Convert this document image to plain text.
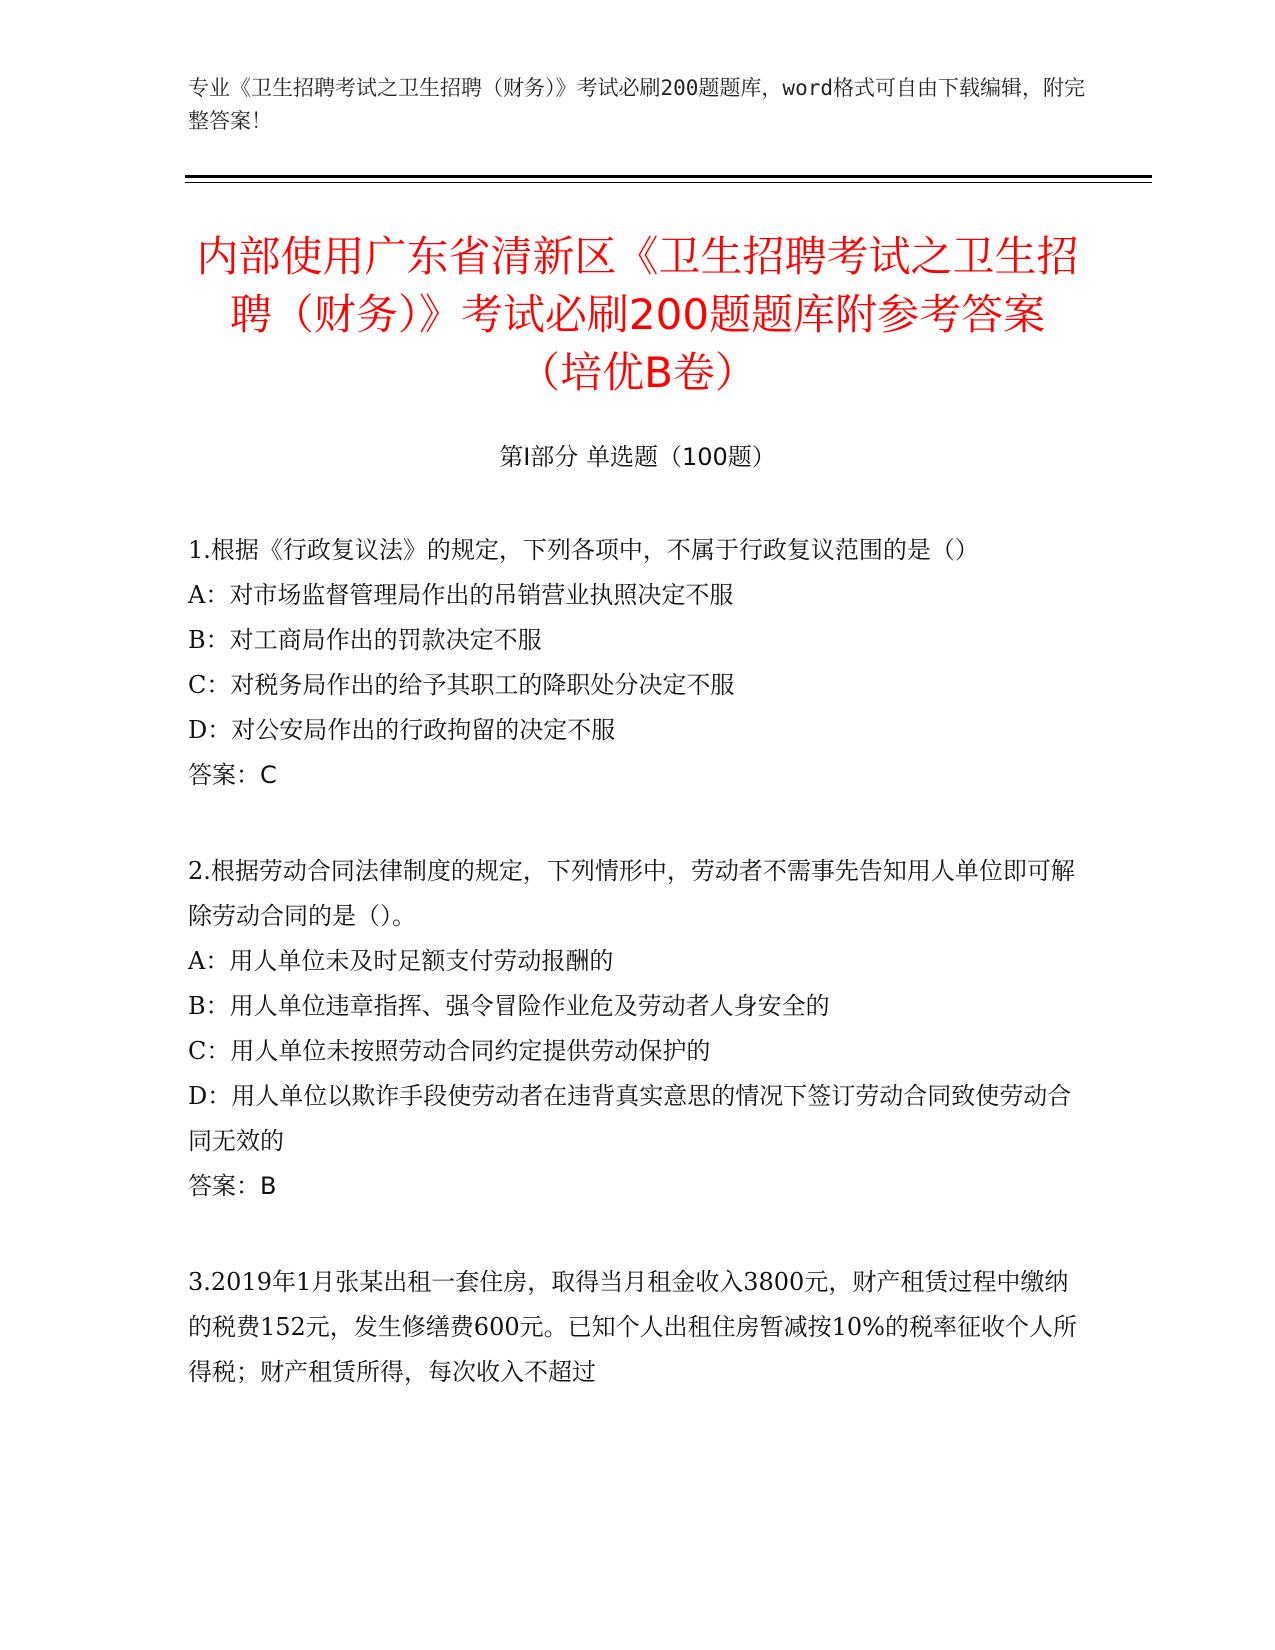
专业《卫生招聘考试之卫生招聘（财务）》考试必刷200题题库，word格式可自由下载编辑，附完整答案！
内部使用广东省清新区《卫生招聘考试之卫生招聘（财务）》考试必刷200题题库附参考答案（培优B卷）
第Ⅰ部分 单选题（100题）

1.根据《行政复议法》的规定，下列各项中，不属于行政复议范围的是（）

A：对市场监督管理局作出的吊销营业执照决定不服

B：对工商局作出的罚款决定不服

C：对税务局作出的给予其职工的降职处分决定不服

D：对公安局作出的行政拘留的决定不服

答案：C

2.根据劳动合同法律制度的规定，下列情形中，劳动者不需事先告知用人单位即可解除劳动合同的是（）。

A：用人单位未及时足额支付劳动报酬的

B：用人单位违章指挥、强令冒险作业危及劳动者人身安全的

C：用人单位未按照劳动合同约定提供劳动保护的

D：用人单位以欺诈手段使劳动者在违背真实意思的情况下签订劳动合同致使劳动合同无效的

答案：B

3.2019年1月张某出租一套住房，取得当月租金收入3800元，财产租赁过程中缴纳的税费152元，发生修缮费600元。已知个人出租住房暂减按10%的税率征收个人所得税；财产租赁所得，每次收入不超过
